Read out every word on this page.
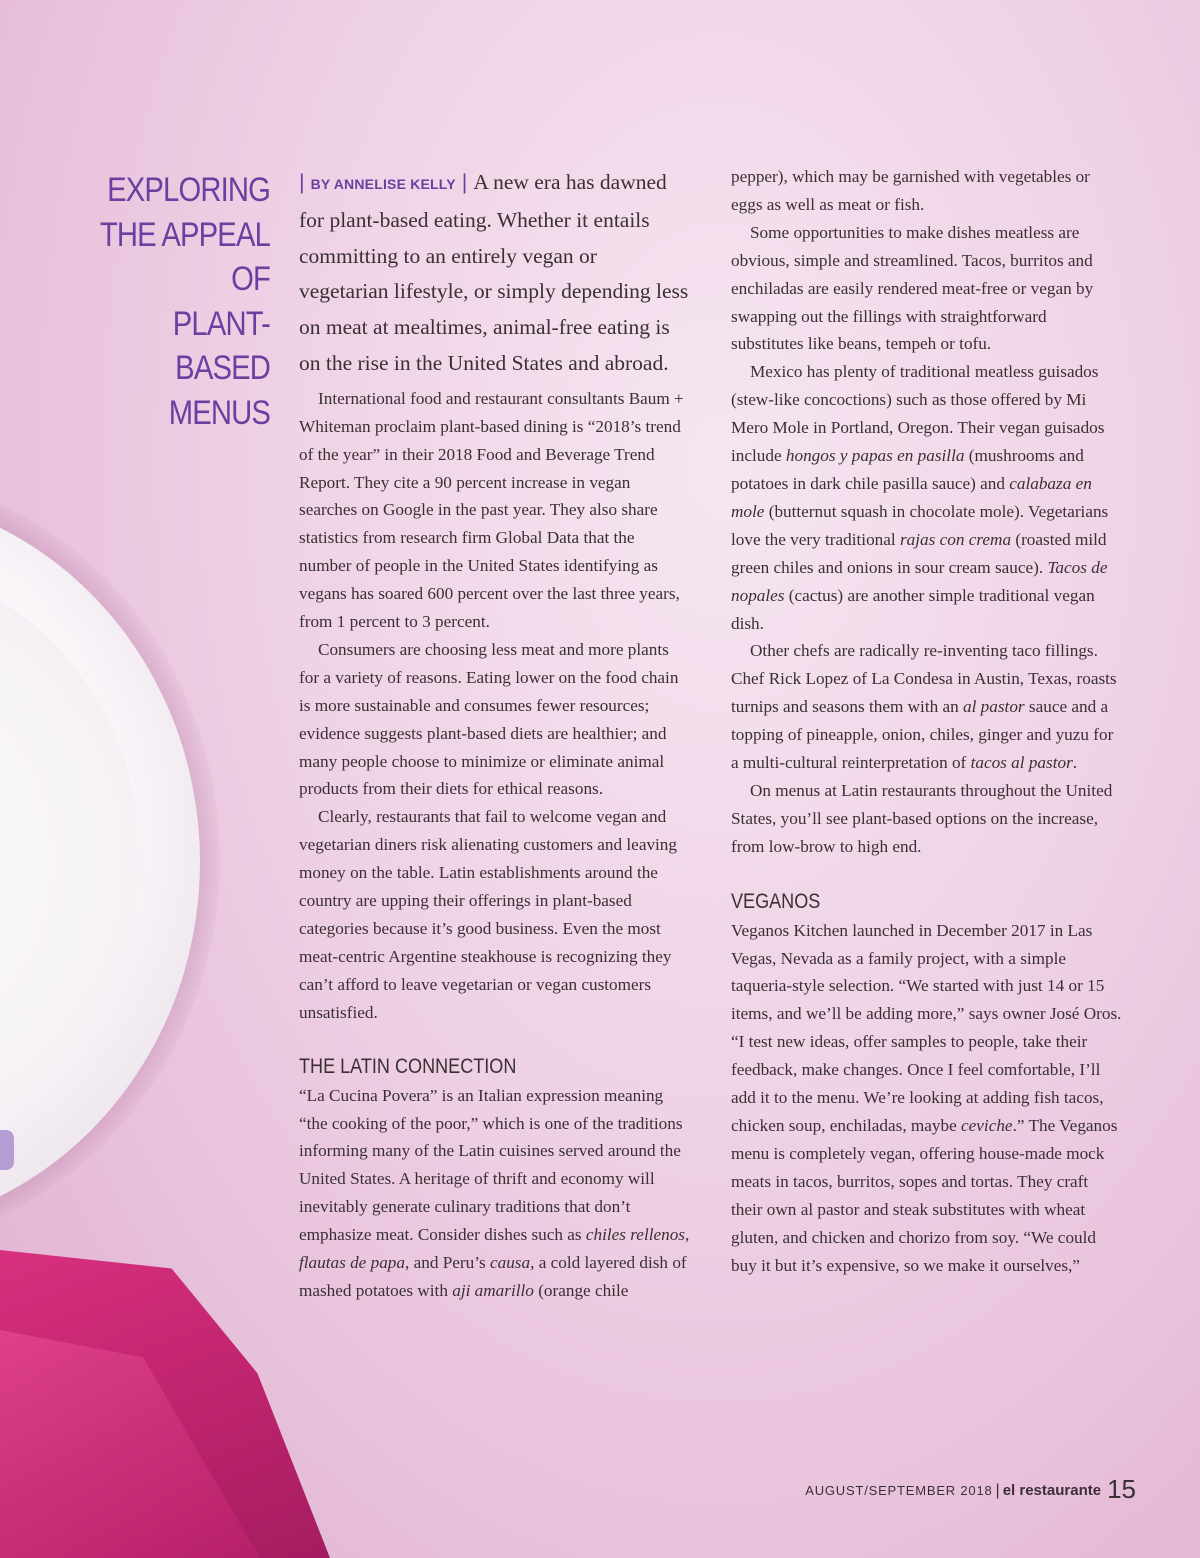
EXPLORING
THE APPEAL OF
PLANT-BASED
MENUS

| BY ANNELISE KELLY | A new era has dawned for plant-based eating. Whether it entails committing to an entirely vegan or vegetarian lifestyle, or simply depending less on meat at mealtimes, animal-free eating is on the rise in the United States and abroad.

International food and restaurant consultants Baum + Whiteman proclaim plant-based dining is “2018’s trend of the year” in their 2018 Food and Beverage Trend Report. They cite a 90 percent increase in vegan searches on Google in the past year. They also share statistics from research firm Global Data that the number of people in the United States identifying as vegans has soared 600 percent over the last three years, from 1 percent to 3 percent.

Consumers are choosing less meat and more plants for a variety of reasons. Eating lower on the food chain is more sustainable and consumes fewer resources; evidence suggests plant-based diets are healthier; and many people choose to minimize or eliminate animal products from their diets for ethical reasons.

Clearly, restaurants that fail to welcome vegan and vegetarian diners risk alienating customers and leaving money on the table. Latin establishments around the country are upping their offerings in plant-based categories because it’s good business. Even the most meat-centric Argentine steakhouse is recognizing they can’t afford to leave vegetarian or vegan customers unsatisfied.

THE LATIN CONNECTION

“La Cucina Povera” is an Italian expression meaning “the cooking of the poor,” which is one of the traditions informing many of the Latin cuisines served around the United States. A heritage of thrift and economy will inevitably generate culinary traditions that don’t emphasize meat. Consider dishes such as chiles rellenos, flautas de papa, and Peru’s causa, a cold layered dish of mashed potatoes with aji amarillo (orange chile

pepper), which may be garnished with vegetables or eggs as well as meat or fish.

Some opportunities to make dishes meatless are obvious, simple and streamlined. Tacos, burritos and enchiladas are easily rendered meat-free or vegan by swapping out the fillings with straightforward substitutes like beans, tempeh or tofu.

Mexico has plenty of traditional meatless guisados (stew-like concoctions) such as those offered by Mi Mero Mole in Portland, Oregon. Their vegan guisados include hongos y papas en pasilla (mushrooms and potatoes in dark chile pasilla sauce) and calabaza en mole (butternut squash in chocolate mole). Vegetarians love the very traditional rajas con crema (roasted mild green chiles and onions in sour cream sauce). Tacos de nopales (cactus) are another simple traditional vegan dish.

Other chefs are radically re-inventing taco fillings. Chef Rick Lopez of La Condesa in Austin, Texas, roasts turnips and seasons them with an al pastor sauce and a topping of pineapple, onion, chiles, ginger and yuzu for a multi-cultural reinterpretation of tacos al pastor.

On menus at Latin restaurants throughout the United States, you’ll see plant-based options on the increase, from low-brow to high end.

VEGANOS

Veganos Kitchen launched in December 2017 in Las Vegas, Nevada as a family project, with a simple taqueria-style selection. “We started with just 14 or 15 items, and we’ll be adding more,” says owner José Oros. “I test new ideas, offer samples to people, take their feedback, make changes. Once I feel comfortable, I’ll add it to the menu. We’re looking at adding fish tacos, chicken soup, enchiladas, maybe ceviche.” The Veganos menu is completely vegan, offering house-made mock meats in tacos, burritos, sopes and tortas. They craft their own al pastor and steak substitutes with wheat gluten, and chicken and chorizo from soy. “We could buy it but it’s expensive, so we make it ourselves,”

AUGUST/SEPTEMBER 2018 | el restaurante 15
